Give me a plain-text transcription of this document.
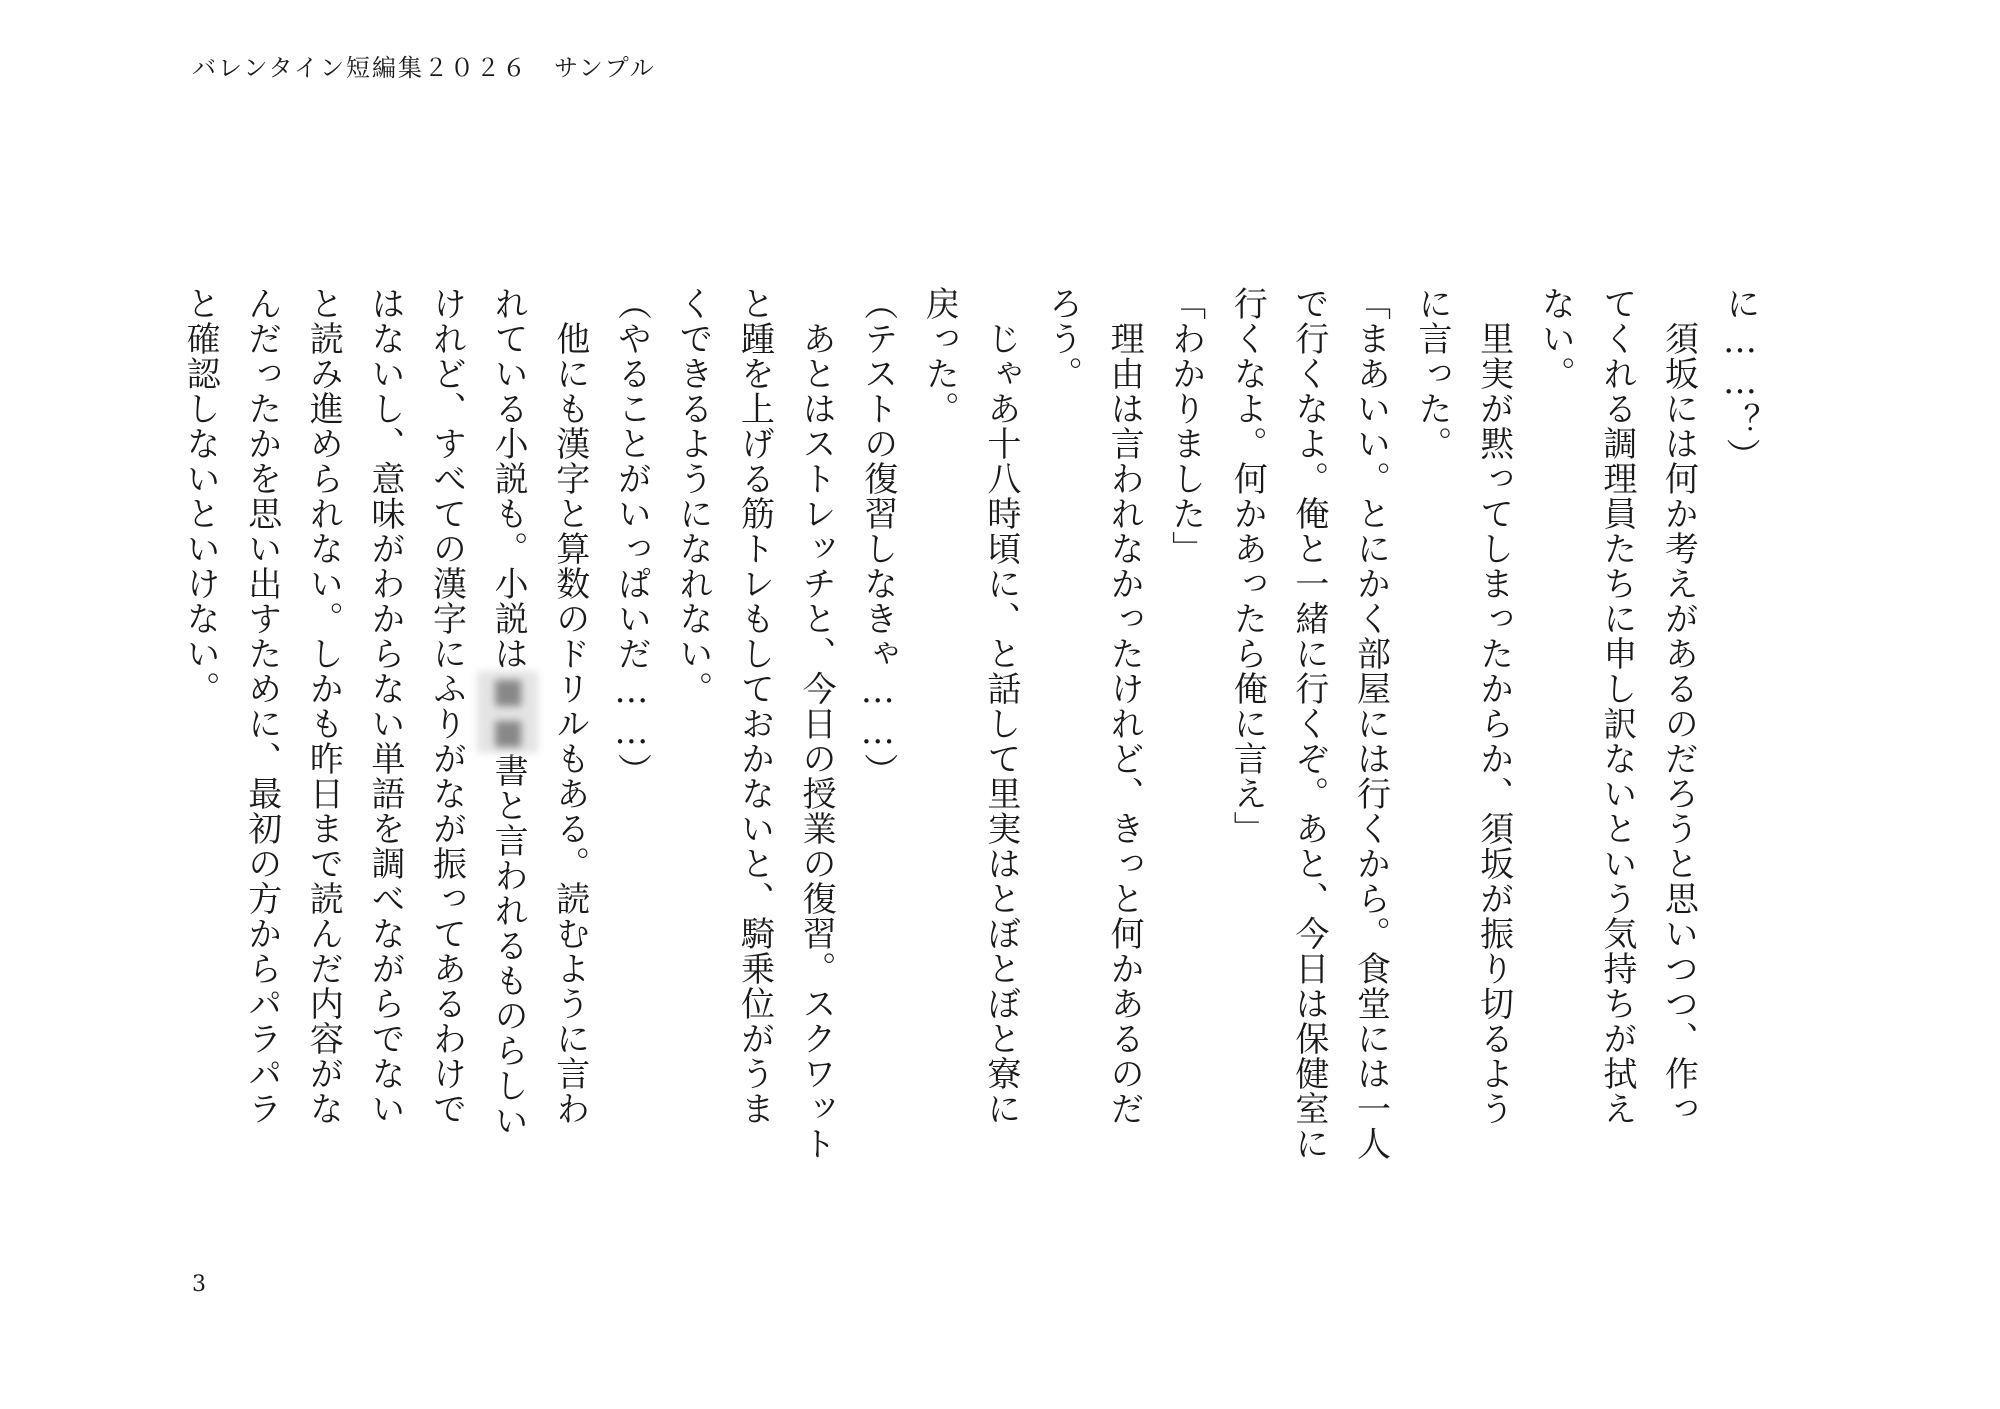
バレンタイン短編集２０２６　サンプル

に……？）

　須坂には何か考えがあるのだろうと思いつつ、作っ

てくれる調理員たちに申し訳ないという気持ちが拭え

ない。

　里実が黙ってしまったからか、須坂が振り切るよう

に言った。

「まあいい。とにかく部屋には行くから。食堂には一人

で行くなよ。俺と一緒に行くぞ。あと、今日は保健室に

行くなよ。何かあったら俺に言え」

「わかりました」

　理由は言われなかったけれど、きっと何かあるのだ

ろう。

　じゃあ十八時頃に、と話して里実はとぼとぼと寮に

戻った。

（テストの復習しなきゃ……）

　あとはストレッチと、今日の授業の復習。スクワット

と踵を上げる筋トレもしておかないと、騎乗位がうま

くできるようになれない。

（やることがいっぱいだ……）

　他にも漢字と算数のドリルもある。読むように言わ

れている小説も。小説は■■書と言われるものらしい

けれど、すべての漢字にふりがなが振ってあるわけで

はないし、意味がわからない単語を調べながらでない

と読み進められない。しかも昨日まで読んだ内容がな

んだったかを思い出すために、最初の方からパラパラ

と確認しないといけない。

3
